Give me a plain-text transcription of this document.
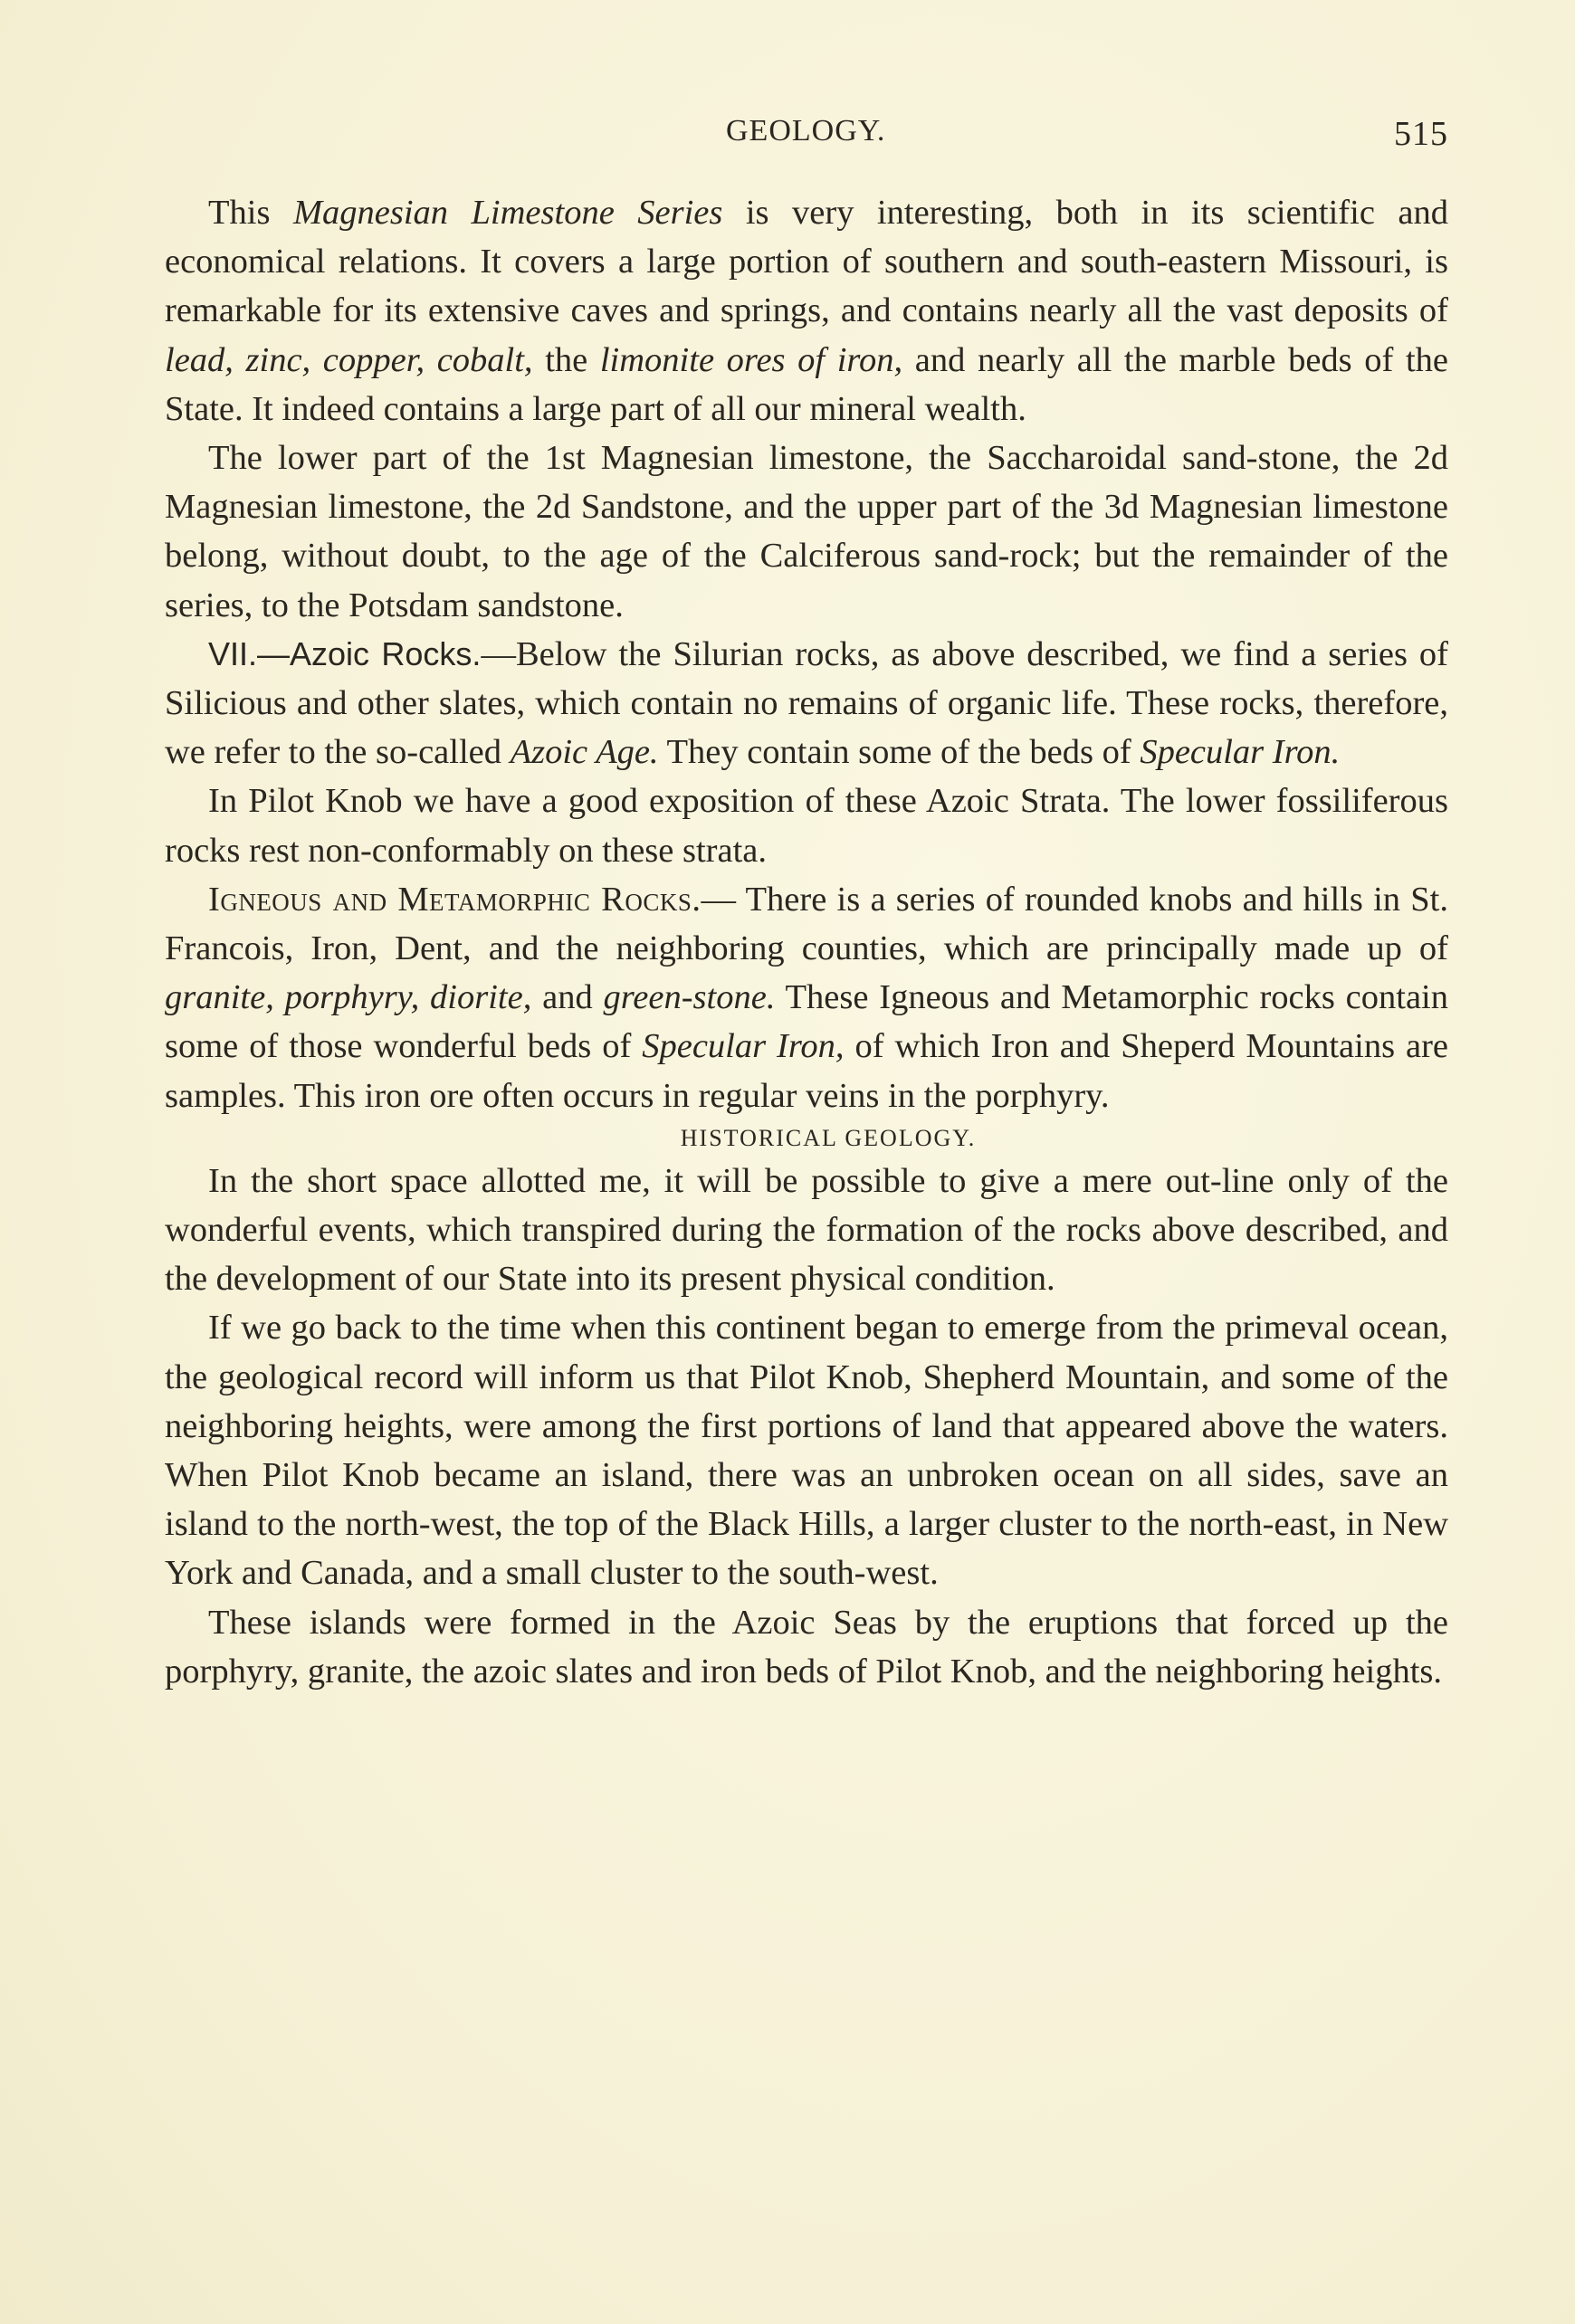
GEOLOGY.	515

This Magnesian Limestone Series is very interesting, both in its scientific and economical relations. It covers a large portion of southern and south-eastern Missouri, is remarkable for its extensive caves and springs, and contains nearly all the vast deposits of lead, zinc, copper, cobalt, the limonite ores of iron, and nearly all the marble beds of the State. It indeed contains a large part of all our mineral wealth.

The lower part of the 1st Magnesian limestone, the Saccharoidal sand-stone, the 2d Magnesian limestone, the 2d Sandstone, and the upper part of the 3d Magnesian limestone belong, without doubt, to the age of the Calciferous sand-rock; but the remainder of the series, to the Potsdam sandstone.

VII.—Azoic Rocks.—Below the Silurian rocks, as above described, we find a series of Silicious and other slates, which contain no remains of organic life. These rocks, therefore, we refer to the so-called Azoic Age. They contain some of the beds of Specular Iron.

In Pilot Knob we have a good exposition of these Azoic Strata. The lower fossiliferous rocks rest non-conformably on these strata.

Igneous and Metamorphic Rocks.— There is a series of rounded knobs and hills in St. Francois, Iron, Dent, and the neighboring counties, which are principally made up of granite, porphyry, diorite, and green-stone. These Igneous and Metamorphic rocks contain some of those wonderful beds of Specular Iron, of which Iron and Sheperd Mountains are samples. This iron ore often occurs in regular veins in the porphyry.

HISTORICAL GEOLOGY.

In the short space allotted me, it will be possible to give a mere out-line only of the wonderful events, which transpired during the formation of the rocks above described, and the development of our State into its present physical condition.

If we go back to the time when this continent began to emerge from the primeval ocean, the geological record will inform us that Pilot Knob, Shepherd Mountain, and some of the neighboring heights, were among the first portions of land that appeared above the waters. When Pilot Knob became an island, there was an unbroken ocean on all sides, save an island to the north-west, the top of the Black Hills, a larger cluster to the north-east, in New York and Canada, and a small cluster to the south-west.

These islands were formed in the Azoic Seas by the eruptions that forced up the porphyry, granite, the azoic slates and iron beds of Pilot Knob, and the neighboring heights.
